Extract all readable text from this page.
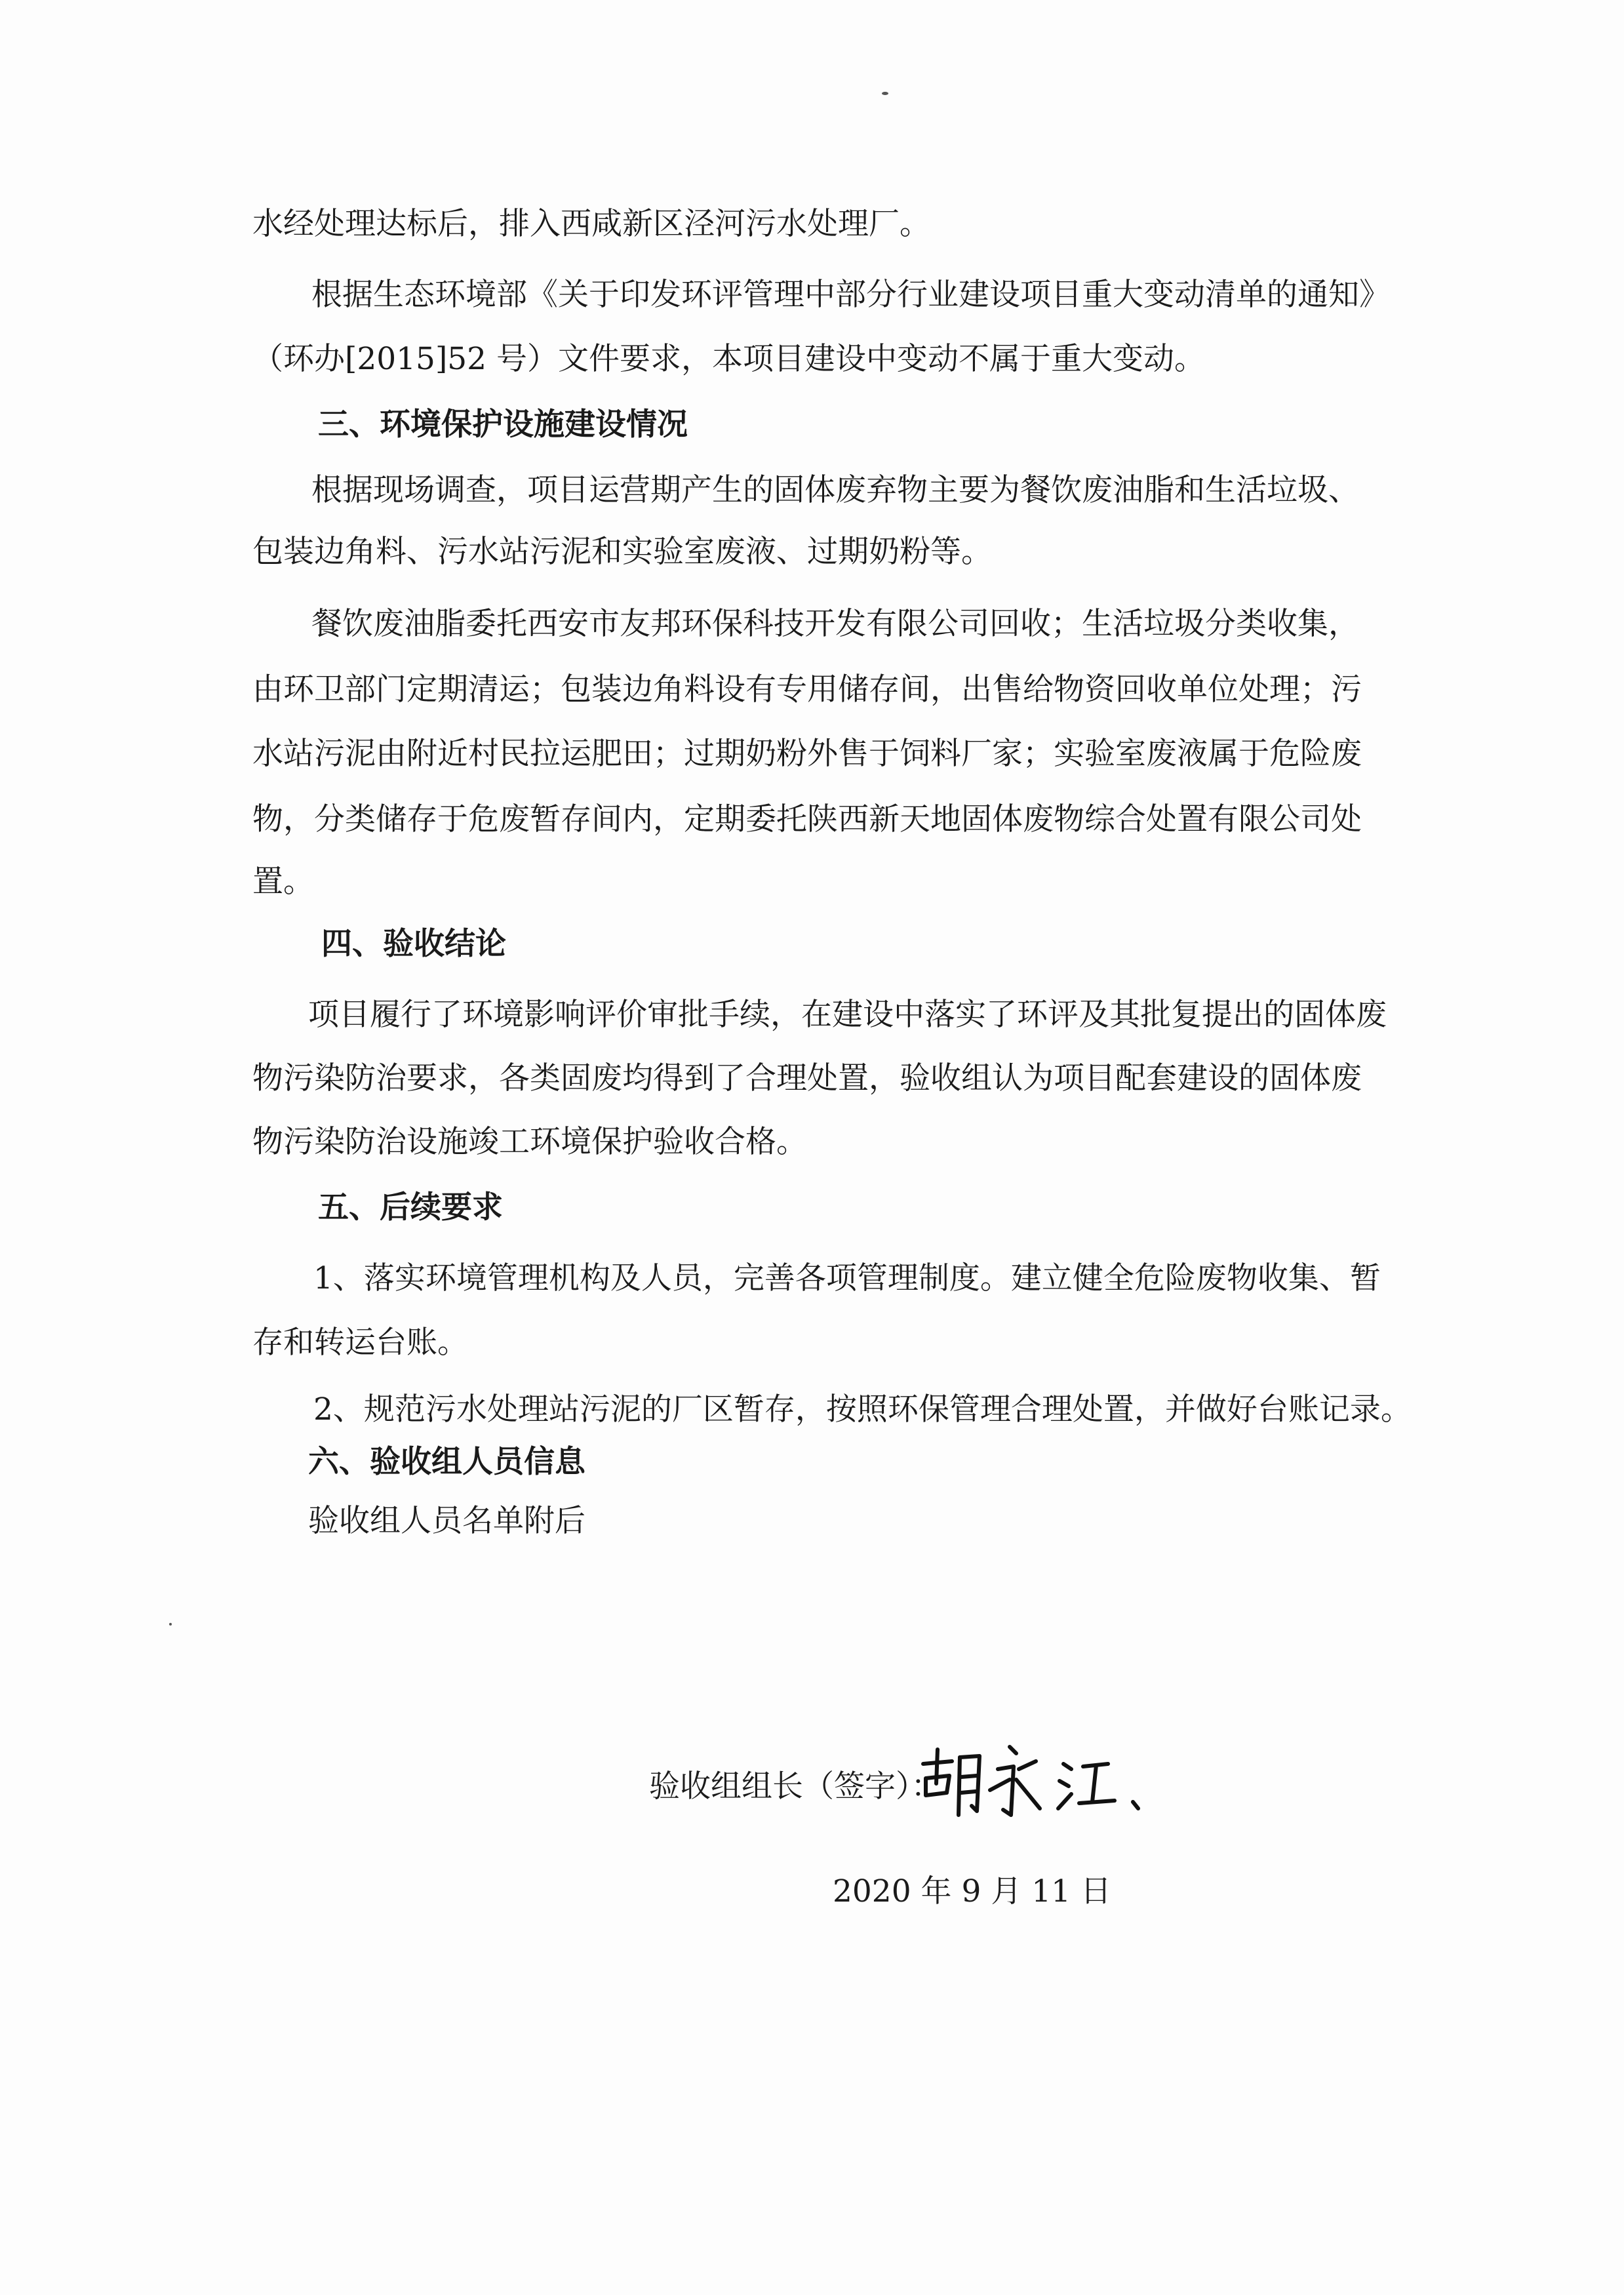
水经处理达标后，排入西咸新区泾河污水处理厂。
根据生态环境部《关于印发环评管理中部分行业建设项目重大变动清单的通知》
（环办[2015]52 号）文件要求，本项目建设中变动不属于重大变动。
三、环境保护设施建设情况
根据现场调查，项目运营期产生的固体废弃物主要为餐饮废油脂和生活垃圾、
包装边角料、污水站污泥和实验室废液、过期奶粉等。
餐饮废油脂委托西安市友邦环保科技开发有限公司回收；生活垃圾分类收集，
由环卫部门定期清运；包装边角料设有专用储存间，出售给物资回收单位处理；污
水站污泥由附近村民拉运肥田；过期奶粉外售于饲料厂家；实验室废液属于危险废
物，分类储存于危废暂存间内，定期委托陕西新天地固体废物综合处置有限公司处
置。
四、验收结论
项目履行了环境影响评价审批手续，在建设中落实了环评及其批复提出的固体废
物污染防治要求，各类固废均得到了合理处置，验收组认为项目配套建设的固体废
物污染防治设施竣工环境保护验收合格。
五、后续要求
1、落实环境管理机构及人员，完善各项管理制度。建立健全危险废物收集、暂
存和转运台账。
2、规范污水处理站污泥的厂区暂存，按照环保管理合理处置，并做好台账记录。
六、验收组人员信息
验收组人员名单附后
验收组组长（签字）：
2020 年 9 月 11 日
